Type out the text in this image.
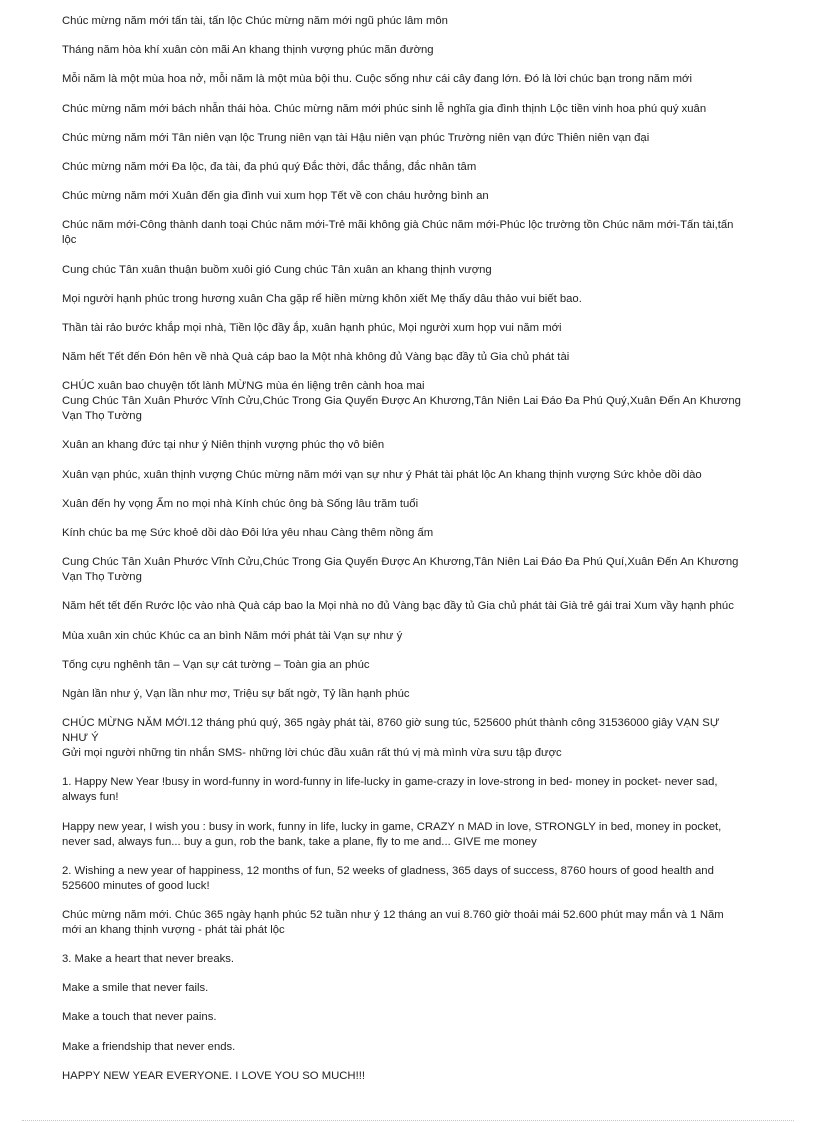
Chúc mừng năm mới tấn tài, tấn lộc Chúc mừng năm mới ngũ phúc lâm môn
Tháng năm hòa khí xuân còn mãi An khang thịnh vượng phúc mãn đường
Mỗi năm là một mùa hoa nở, mỗi năm là một mùa bội thu. Cuộc sống như cái cây đang lớn. Đó là lời chúc bạn trong năm mới
Chúc mừng năm mới bách nhẫn thái hòa. Chúc mừng năm mới phúc sinh lễ nghĩa gia đình thịnh Lộc tiền vinh hoa phú quý xuân
Chúc mừng năm mới Tân niên vạn lộc Trung niên vạn tài Hậu niên vạn phúc Trường niên vạn đức Thiên niên vạn đại
Chúc mừng năm mới Đa lộc, đa tài, đa phú quý Đắc thời, đắc thắng, đắc nhân tâm
Chúc mừng năm mới Xuân đến gia đình vui xum họp Tết về con cháu hưởng bình an
Chúc năm mới-Công thành danh toại Chúc năm mới-Trẻ mãi không già Chúc năm mới-Phúc lộc trường tồn Chúc năm mới-Tấn tài,tấn
lộc
Cung chúc Tân xuân thuận buồm xuôi gió Cung chúc Tân xuân an khang thịnh vượng
Mọi người hạnh phúc trong hương xuân Cha gặp rể hiền mừng khôn xiết Mẹ thấy dâu thảo vui biết bao.
Thần tài rảo bước khắp mọi nhà, Tiền lộc đầy ắp, xuân hạnh phúc, Mọi người xum họp vui năm mới
Năm hết Tết đến Đón hên về nhà Quà cáp bao la Một nhà không đủ Vàng bạc đầy tủ Gia chủ phát tài
CHÚC xuân bao chuyện tốt lành MỪNG mùa én liệng trên cành hoa mai
Cung Chúc Tân Xuân Phước Vĩnh Cửu,Chúc Trong Gia Quyến Được An Khương,Tân Niên Lai Đáo Đa Phú Quý,Xuân Đến An Khương
Vạn Thọ Tường
Xuân an khang đức tại như ý Niên thịnh vượng phúc thọ vô biên
Xuân vạn phúc, xuân thịnh vượng Chúc mừng năm mới vạn sự như ý Phát tài phát lộc An khang thịnh vượng Sức khỏe dồi dào
Xuân đến hy vọng Ấm no mọi nhà Kính chúc ông bà Sống lâu trăm tuổi
Kính chúc ba mẹ Sức khoẻ dồi dào Đôi lứa yêu nhau Càng thêm nồng ấm
Cung Chúc Tân Xuân Phước Vĩnh Cửu,Chúc Trong Gia Quyến Được An Khương,Tân Niên Lai Đáo Đa Phú Quí,Xuân Đến An Khương
Vạn Thọ Tường
Năm hết tết đến Rước lộc vào nhà Quà cáp bao la Mọi nhà no đủ Vàng bạc đầy tủ Gia chủ phát tài Già trẻ gái trai Xum vầy hạnh phúc
Mùa xuân xin chúc Khúc ca an bình Năm mới phát tài Vạn sự như ý
Tống cựu nghênh tân – Vạn sự cát tường – Toàn gia an phúc
Ngàn lần như ý, Vạn lần như mơ, Triệu sự bất ngờ, Tỷ lần hạnh phúc
CHÚC MỪNG NĂM MỚI.12 tháng phú quý, 365 ngày phát tài, 8760 giờ sung túc, 525600 phút thành công 31536000 giây VẠN SỰ
NHƯ Ý
Gửi mọi người những tin nhắn SMS- những lời chúc đầu xuân rất thú vị mà mình vừa sưu tập được
1. Happy New Year !busy in word-funny in word-funny in life-lucky in game-crazy in love-strong in bed- money in pocket- never sad,
always fun!
Happy new year, I wish you : busy in work, funny in life, lucky in game, CRAZY n MAD in love, STRONGLY in bed, money in pocket,
never sad, always fun... buy a gun, rob the bank, take a plane, fly to me and... GIVE me money
2. Wishing a new year of happiness, 12 months of fun, 52 weeks of gladness, 365 days of success, 8760 hours of good health and
525600 minutes of good luck!
Chúc mừng năm mới. Chúc 365 ngày hạnh phúc 52 tuần như ý 12 tháng an vui 8.760 giờ thoải mái 52.600 phút may mắn và 1 Năm
mới an khang thịnh vượng - phát tài phát lộc
3. Make a heart that never breaks.
Make a smile that never fails.
Make a touch that never pains.
Make a friendship that never ends.
HAPPY NEW YEAR EVERYONE. I LOVE YOU SO MUCH!!!
